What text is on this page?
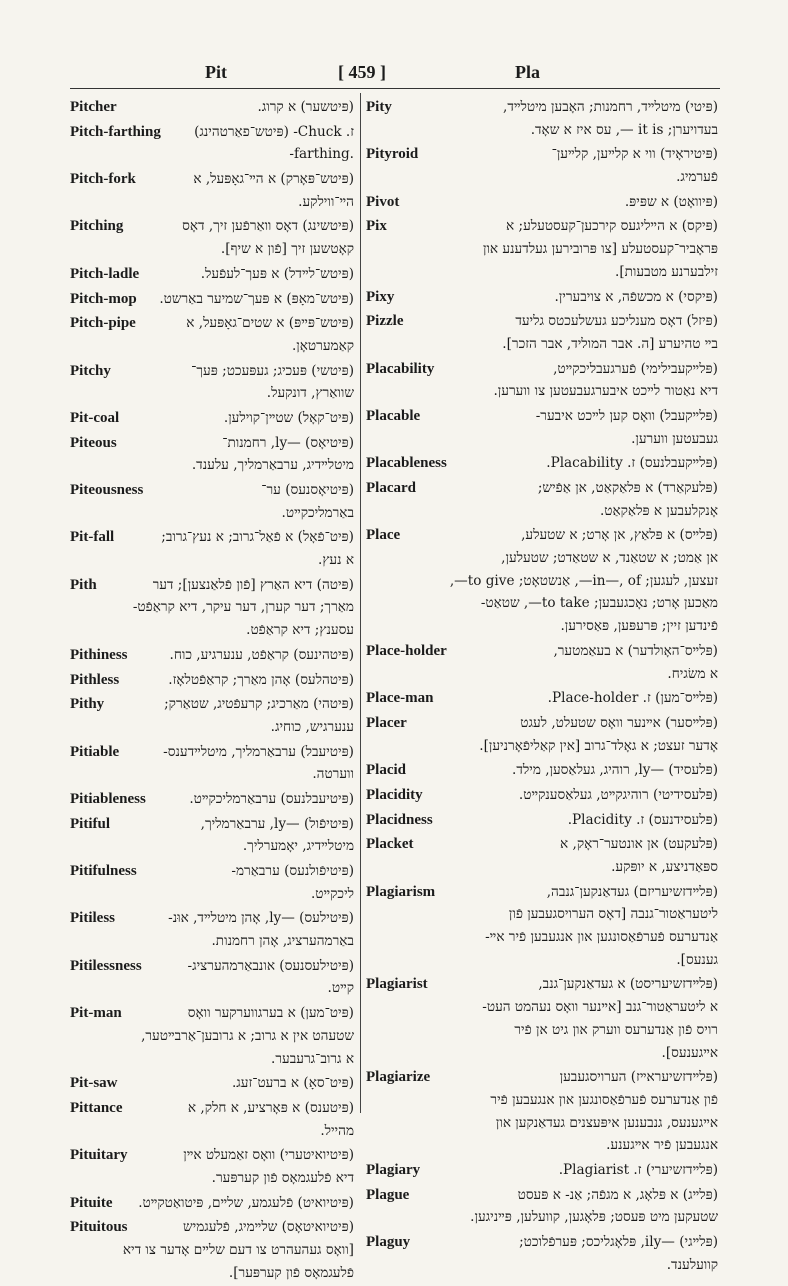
Pit	[ 459 ]	Pla
Pitcher	(פּיטשער) א קרוג.
Pitch-farthing ז. Chuck- (פּיטש־פאַרטהינג)
.farthing-
Pitch-fork	(פּיטש־פּאָרק) א הײ־גאָפּעל, א
הײ־ווילקע.
Pitching	(פּיטשינג) דאָס װאַרפֿען זיך, דאָס
קאָטשען זיך [פֿון א שיף].
Pitch-ladle	(פּיטש־לײדל) א פּעך־לעפֿעל.
Pitch-mop (פּיטש־מאָפּ) א פּעך־שמיער באַרשט.
Pitch-pipe	(פּיטש־פּײפּ) א שטים־גאָפּעל, א
קאַמערטאָן.
Pitchy	(פּיטשי) פּעכיג; געפּעכט; פּעך־
שוואַרץ, דונקעל.
Pit-coal	(פּיט־קאָל) שטײן־קוילען.
Piteous	(פּיטיאָס) —ly, רחמנות־
מיטלײדיג, ערבאַרמליך, עלענד.
Piteousness	(פּיטיאָסנעס) ער־
באַרמליכקײט.
Pit-fall	(פּיט־פֿאָל) א פֿאַל־גרוב; א נעץ־גרוב;
א נעץ.
Pith	(פּיטה) דיא האַרץ [פֿון פֿלאַנצען]; דער
מאַרך; דער קערן, דער עיקר, דיא קראַפֿט-
עסענץ; דיא קראַפֿט.
Pithiness	(פּיטהינעס) קראַפֿט, ענערגיע, כוח.
Pithless	(פּיטהלעס) אָהן מאַרך; קראַפֿטלאָז.
Pithy	(פּיטהי) מאַרכיג; קרעפֿטיג, שטאַרק;
ענערגיש, כוחיג.
Pitiable	(פּיטיעבל) ערבאַרמליך, מיטלײדענס-
ווערטה.
Pitiableness	(פּיטיעבלנעס) ערבאַרמליכקײט.
Pitiful	(פּיטיפֿול) —ly, ערבאַרמליך,
מיטלײדיג, יאָמערליך.
Pitifulness	(פּיטיפֿולנעס) ערבאַרמ-
ליכקײט.
Pitiless	(פּיטילעס) —ly, אָהן מיטלײד, אוּנ-
באַרמהערציג, אָהן רחמנות.
Pitilessness	(פּיטילעסנעס) אונבאַרמהערציג-
קײט.
Pit-man	(פּיט־מען) א בערגווערקער וואָס
שטעהט אין א גרוב; א גרובען־אַרבײטער,
א גרוב־גרעבער.
Pit-saw	(פּיט־סאָ) א ברעט־זעג.
Pittance	(פּיטענס) א פּאָרציע, א חלק, א
מהייל.
Pituitary	(פּיטיואיטערי) וואָס זאַמעלט אײן
דיא פֿלעגמאָס פֿון קערפּער.
Pituite (פּיטיואיט) פֿלעגמע, שלײם, פּיטואַטקײט.
Pituitous	(פּיטיואיטאָס) שלײמיג, פֿלעגמיש
[וואָס געהעהרט צו דעם שלײם אָדער צו דיא
פֿלעגמאָס פֿון קערפּער].
Pity	(פּיטי) מיטלײד, רחמנות; האָבען מיטלײד,
בעדויערן; it is —, עס איז א שאָד.
Pityroid	(פּיטיראָיד) ווי א קלײען, קלײען־
פֿערמיג.
Pivot	(פּיוואָט) א שפּיפּ.
Pix	(פּיקס) א הײליגעס קירכען־קעסטעלע; א
פּראָביר־קעסטעלע [צו פּרובירען געלדענע און
זילבערנע מטבעות].
Pixy	(פּיקסי) א מכשפֿה, א צויבערין.
Pizzle	(פּיזל) דאָס מענליכע געשלעכטס גליעד
בײ טהיערע [ה. אבר המוליד, אבר הזכר].
Placability	(פּלײקעבילימי) פֿערגעבליכקײט,
דיא נאַטור לײכט איבערגעבעטען צו ווערען.
Placable	(פּלײקעבל) וואָס קען לײכט איבער-
געבעטען ווערען.
Placableness	(פּלײקעבלנעס) ז. Placability.
Placard	(פּלעקאַרד) א פּלאַקאַט, אן אַפֿיש;
אָנקלעבען א פּלאַקאַט.
Place	(פּלײס) א פּלאַץ, אן אָרט; א שטעלע,
אן אַמט; א שטאַנד, א שטאַדט; שטעלען,
זעצען, לעגען; in—, of—, אַנשטאָט; to give—,
מאַכען אָרט; נאָכגעבען; to take—, שטאַט-
פֿינדען זיין; פּרעפּען, פּאַסירען.
Place-holder	(פּלײס־האָולדער) א בעאַמטער,
א משׂגיח.
Place-man	(פּלײס־מען) ז. Place-holder.
Placer	(פּלײסער) אײנער וואָס שטעלט, לעגט
אָדער זעצט; א גאָלד־גרוב [אין קאַליפֿאָרניען].
Placid	(פּלעסיד) —ly, רוהיג, געלאַסען, מילד.
Placidity	(פּלעסידיטי) רוהיגקײט, געלאַסענקײט.
Placidness	(פּלעסידנעס) ז. Placidity.
Placket	(פּלעקעט) אן אונטער־ראָק, א
ספּאַדניצע, א יופּקע.
Plagiarism	(פּלײדזשיעריזם) געדאַנקען־גנבה,
ליטעראַטור־גנבה [דאָס הערויסגעבען פֿון
אַנדערעס פֿערפֿאַסונגען און אנגעבען פֿיר אײ-
גענעס].
Plagiarist	(פּלײדזשיעריסט) א געדאַנקען־גנב,
א ליטעראַטור־גנב [אײנער וואָס נעהמט העט-
רויס פֿון אַנדערעס ווערק און גיט אן פֿיר
אײגענעס].
Plagiarize	(פּלײדזשיעראײז) הערויסגעבען
פֿון אַנדערעס פֿערפֿאַסונגען און אנגעבען פֿיר
אײגענעס, גנבענען איפּעצנים געדאַנקען און
אנגעבען פֿיר אײגענע.
Plagiary	(פּלײדזשיערי) ז. Plagiarist.
Plague	(פּלײג) א פּלאָג, א מגפֿה; אַנ- א פּעסט
שטעקען מיט פּעסט; פּלאָגען, קוועלען, פּײניגען.
Plaguy	(פּלײגי) —ily, פּלאָגליכס; פּערפֿלוכט;
קוועלענד.
